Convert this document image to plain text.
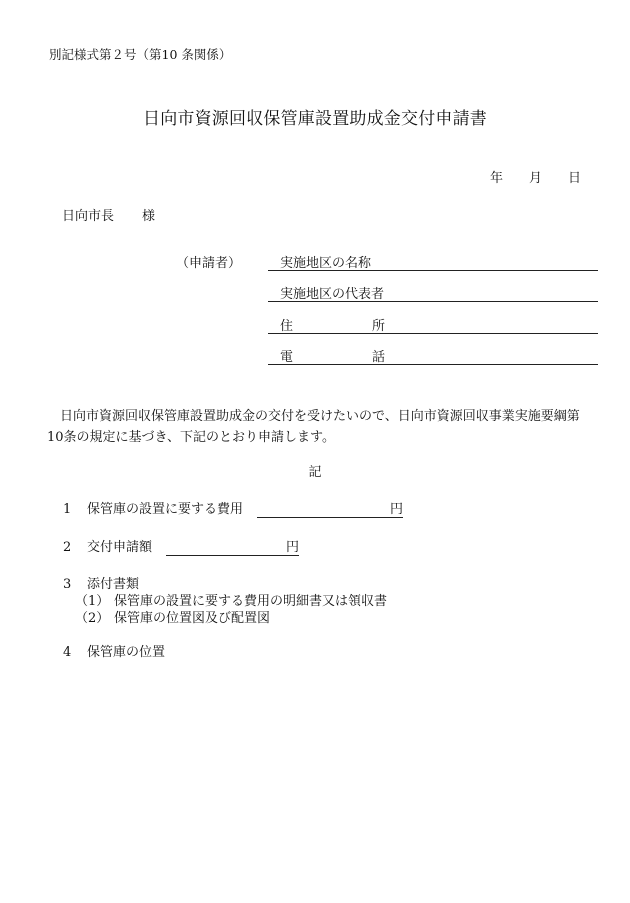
別記様式第２号（第10 条関係）
日向市資源回収保管庫設置助成金交付申請書
年 月 日
日向市長 様
（申請者）	実施地区の名称
実施地区の代表者
住	所
電	話
日向市資源回収保管庫設置助成金の交付を受けたいので、日向市資源回収事業実施要綱第10条の規定に基づき、下記のとおり申請します。
記
1 保管庫の設置に要する費用	円
2 交付申請額	円
3 添付書類
（1） 保管庫の設置に要する費用の明細書又は領収書
（2） 保管庫の位置図及び配置図
4 保管庫の位置
